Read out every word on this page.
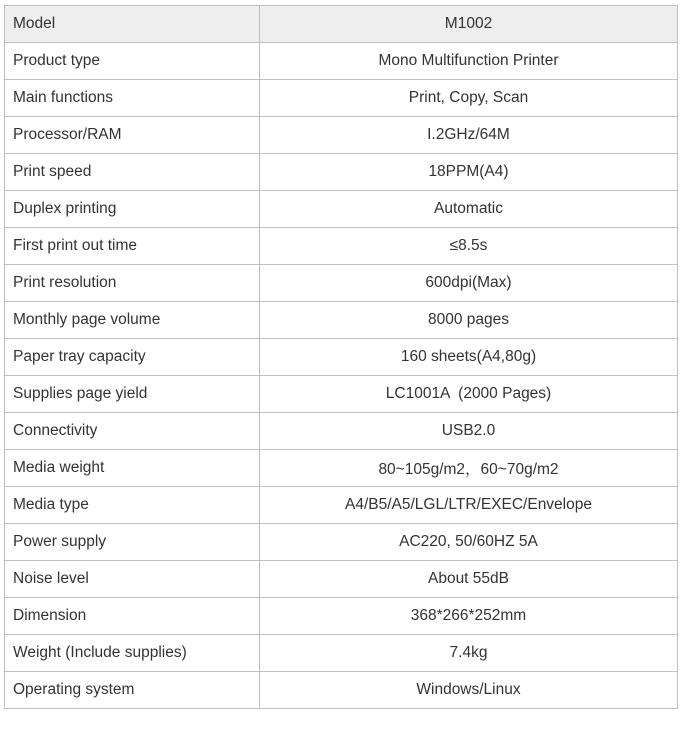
Model	M1002
Product type	Mono Multifunction Printer
Main functions	Print, Copy, Scan
Processor/RAM	I.2GHz/64M
Print speed	18PPM(A4)
Duplex printing	Automatic
First print out time	≤8.5s
Print resolution	600dpi(Max)
Monthly page volume	8000 pages
Paper tray capacity	160 sheets(A4,80g)
Supplies page yield	LC1001A  (2000 Pages)
Connectivity	USB2.0
Media weight	80~105g/m2，60~70g/m2
Media type	A4/B5/A5/LGL/LTR/EXEC/Envelope
Power supply	AC220, 50/60HZ 5A
Noise level	About 55dB
Dimension	368*266*252mm
Weight (Include supplies)	7.4kg
Operating system	Windows/Linux
